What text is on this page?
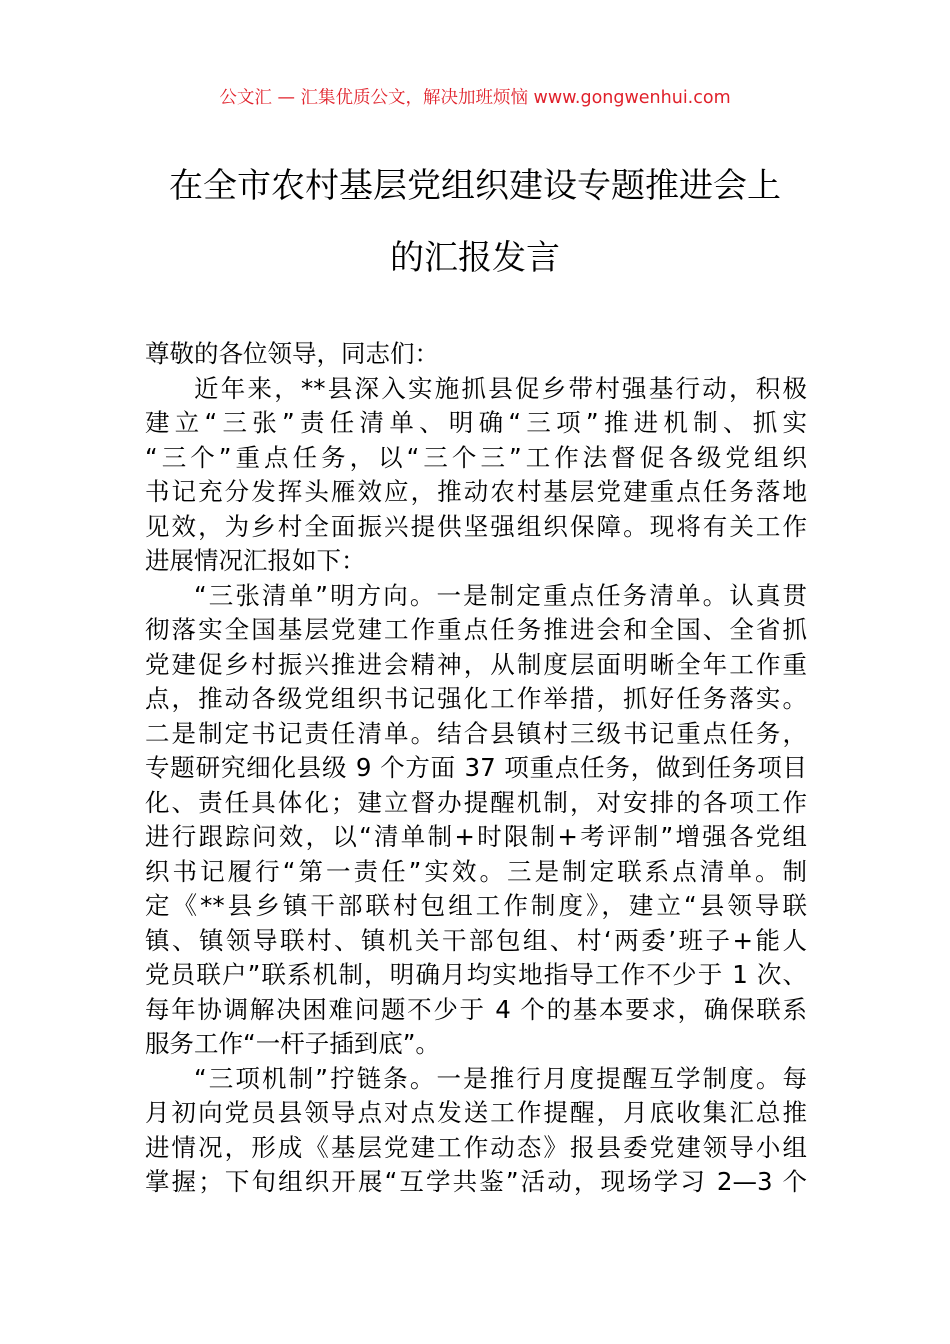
公文汇 — 汇集优质公文，解决加班烦恼 www.gongwenhui.com
在全市农村基层党组织建设专题推进会上
的汇报发言
尊敬的各位领导，同志们：
近年来，**县深入实施抓县促乡带村强基行动，积极
建立“三张”责任清单、明确“三项”推进机制、抓实
“三个”重点任务，以“三个三”工作法督促各级党组织
书记充分发挥头雁效应，推动农村基层党建重点任务落地
见效，为乡村全面振兴提供坚强组织保障。现将有关工作
进展情况汇报如下：
“三张清单”明方向。一是制定重点任务清单。认真贯
彻落实全国基层党建工作重点任务推进会和全国、全省抓
党建促乡村振兴推进会精神，从制度层面明晰全年工作重
点，推动各级党组织书记强化工作举措，抓好任务落实。
二是制定书记责任清单。结合县镇村三级书记重点任务，
专题研究细化县级 9 个方面 37 项重点任务，做到任务项目
化、责任具体化；建立督办提醒机制，对安排的各项工作
进行跟踪问效，以“清单制+时限制+考评制”增强各党组
织书记履行“第一责任”实效。三是制定联系点清单。制
定《**县乡镇干部联村包组工作制度》，建立“县领导联
镇、镇领导联村、镇机关干部包组、村‘两委’班子+能人
党员联户”联系机制，明确月均实地指导工作不少于 1 次、
每年协调解决困难问题不少于 4 个的基本要求，确保联系
服务工作“一杆子插到底”。
“三项机制”拧链条。一是推行月度提醒互学制度。每
月初向党员县领导点对点发送工作提醒，月底收集汇总推
进情况，形成《基层党建工作动态》报县委党建领导小组
掌握；下旬组织开展“互学共鉴”活动，现场学习 2—3 个
